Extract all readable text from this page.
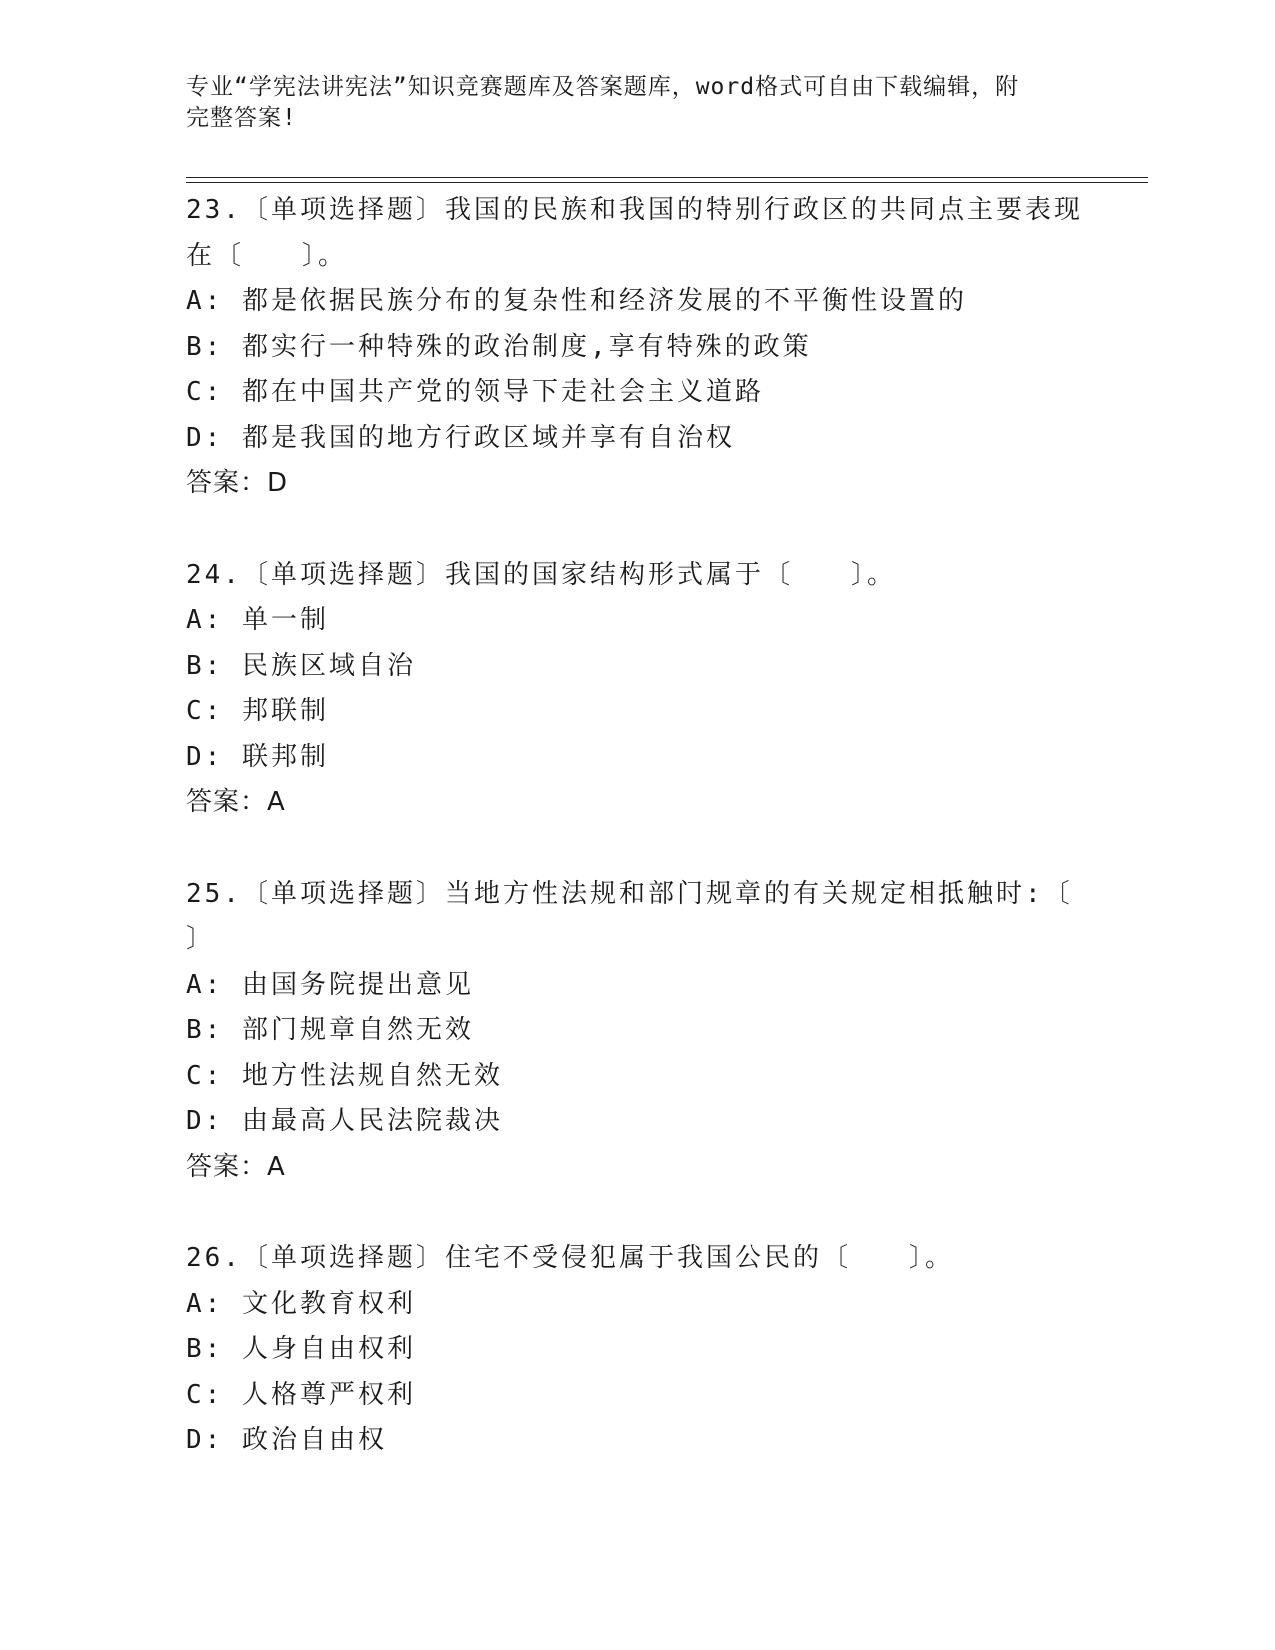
专业“学宪法讲宪法”知识竞赛题库及答案题库，word格式可自由下载编辑，附
完整答案!
23.〔单项选择题〕我国的民族和我国的特别行政区的共同点主要表现
在〔　　〕。
A: 都是依据民族分布的复杂性和经济发展的不平衡性设置的
B: 都实行一种特殊的政治制度,享有特殊的政策
C: 都在中国共产党的领导下走社会主义道路
D: 都是我国的地方行政区域并享有自治权
答案：D
24.〔单项选择题〕我国的国家结构形式属于〔　　〕。
A: 单一制
B: 民族区域自治
C: 邦联制
D: 联邦制
答案：A
25.〔单项选择题〕当地方性法规和部门规章的有关规定相抵触时:〔
〕
A: 由国务院提出意见
B: 部门规章自然无效
C: 地方性法规自然无效
D: 由最高人民法院裁决
答案：A
26.〔单项选择题〕住宅不受侵犯属于我国公民的〔　　〕。
A: 文化教育权利
B: 人身自由权利
C: 人格尊严权利
D: 政治自由权
